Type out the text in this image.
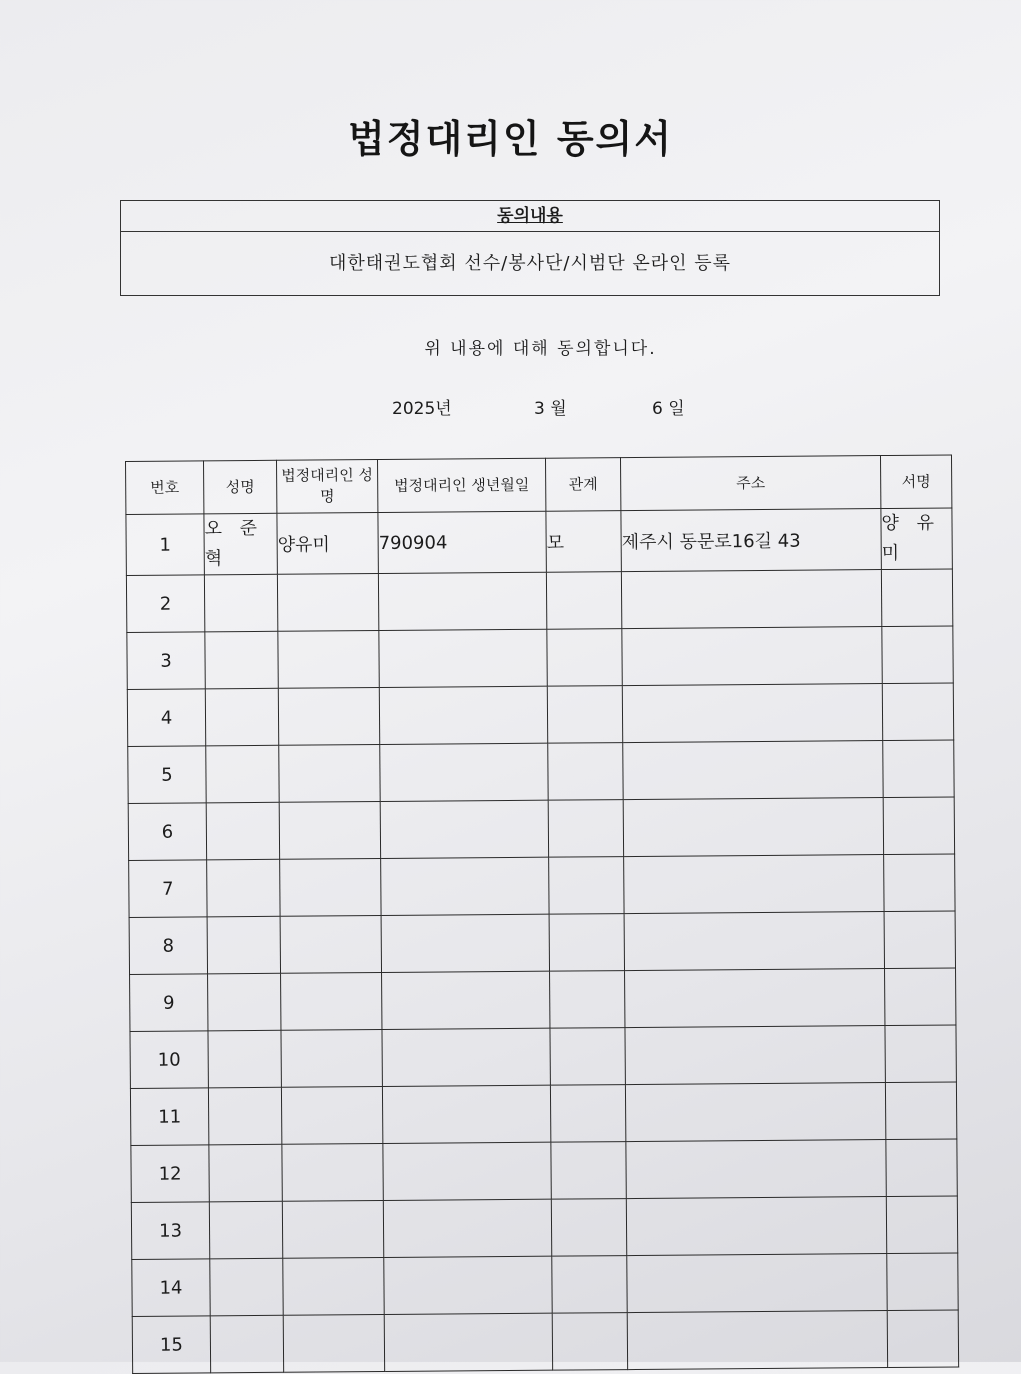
법정대리인 동의서
동의내용
대한태권도협회 선수/봉사단/시범단 온라인 등록
위 내용에 대해 동의합니다.
2025년	3 월	6 일
번호	성명	법정대리인 성명	법정대리인 생년월일	관계	주소	서명
1	오 준 혁	양유미	790904	모	제주시 동문로16길 43	양 유 미
2						
3						
4						
5						
6						
7						
8						
9						
10						
11						
12						
13						
14						
15						
